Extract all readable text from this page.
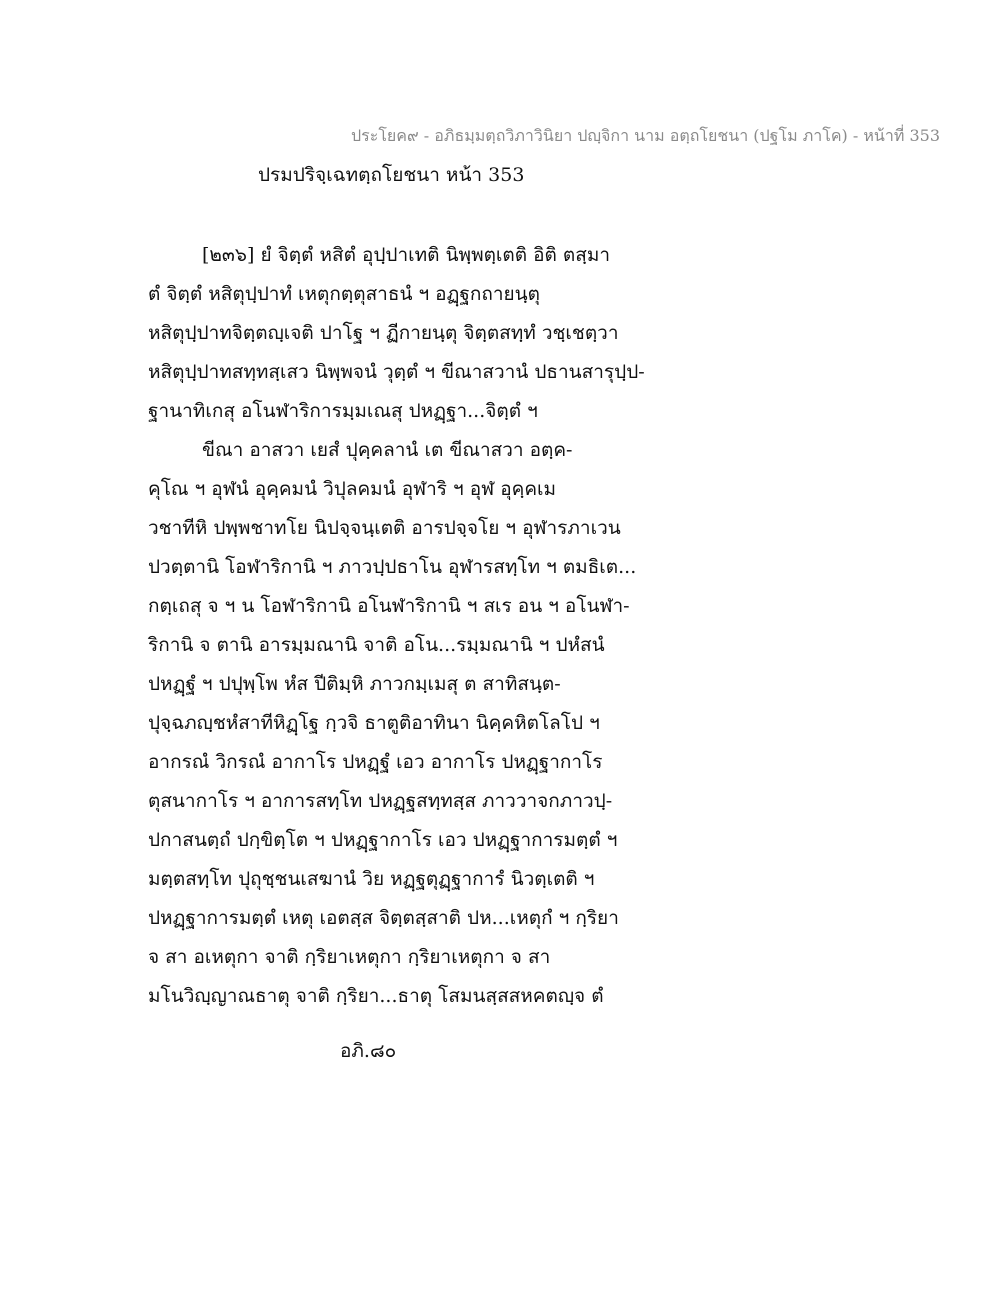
ประโยค๙ - อภิธมฺมตฺถวิภาวินิยา ปญฺจิกา นาม อตฺถโยชนา (ปฐโม ภาโค) - หน้าที่ 353
ปรมปริจฺเฉทตฺถโยชนา หน้า 353
[๒๓๖] ยํ จิตฺตํ หสิตํ อุปฺปาเทติ นิพฺพตฺเตติ อิติ ตสฺมา
ตํ จิตฺตํ หสิตุปฺปาทํ เหตุกตฺตุสาธนํ ฯ อฏฺฐกถายนฺตุ
หสิตุปฺปาทจิตฺตญฺเจติ ปาโฐ ฯ ฏีกายนฺตุ จิตฺตสทฺทํ วชฺเชตฺวา
หสิตุปฺปาทสทฺทสฺเสว นิพฺพจนํ วุตฺตํ ฯ ขีณาสวานํ ปธานสารุปฺป-
ฐานาทิเกสุ อโนฬาริการมฺมเณสุ ปหฏฺฐา...จิตฺตํ ฯ
ขีณา อาสวา เยสํ ปุคฺคลานํ เต ขีณาสวา อตฺค-
คุโณ ฯ อุฬนํ อุคฺคมนํ วิปุลคมนํ อุฬาริ ฯ อุฬ อุคฺคเม
วชาทีหิ ปพฺพชาทโย นิปจฺจนฺเตติ อารปจฺจโย ฯ อุฬารภาเวน
ปวตฺตานิ โอฬาริกานิ ฯ ภาวปฺปธาโน อุฬารสทฺโท ฯ ตมธิเต...
กตฺเถสุ จ ฯ น โอฬาริกานิ อโนฬาริกานิ ฯ สเร อน ฯ อโนฬา-
ริกานิ จ ตานิ อารมฺมณานิ จาติ อโน...รมฺมณานิ ฯ ปหํสนํ
ปหฏฺฐํ ฯ ปปุพฺโพ หํส ปีติมฺหิ ภาวกมฺเมสุ ต สาทิสนฺต-
ปุจฺฉภญฺชหํสาทีหิฏฺโฐ กฺวจิ ธาตูติอาทินา นิคฺคหิตโลโป ฯ
อากรณํ วิกรณํ อากาโร ปหฏฺฐํ เอว อากาโร ปหฏฺฐากาโร
ตุสนากาโร ฯ อาการสทฺโท ปหฏฺฐสทฺทสฺส ภาววาจกภาวปฺ-
ปกาสนตฺถํ ปกฺขิตฺโต ฯ ปหฏฺฐากาโร เอว ปหฏฺฐาการมตฺตํ ฯ
มตฺตสทฺโท ปุถุชฺชนเสฆานํ วิย หฏฺฐตุฏฺฐาการํ นิวตฺเตติ ฯ
ปหฏฺฐาการมตฺตํ เหตุ เอตสฺส จิตฺตสฺสาติ ปห...เหตุกํ ฯ กฺริยา
จ สา อเหตุกา จาติ กฺริยาเหตุกา กฺริยาเหตุกา จ สา
มโนวิญฺญาณธาตุ จาติ กฺริยา...ธาตุ โสมนสฺสสหคตญฺจ ตํ
อภิ.๘๐
